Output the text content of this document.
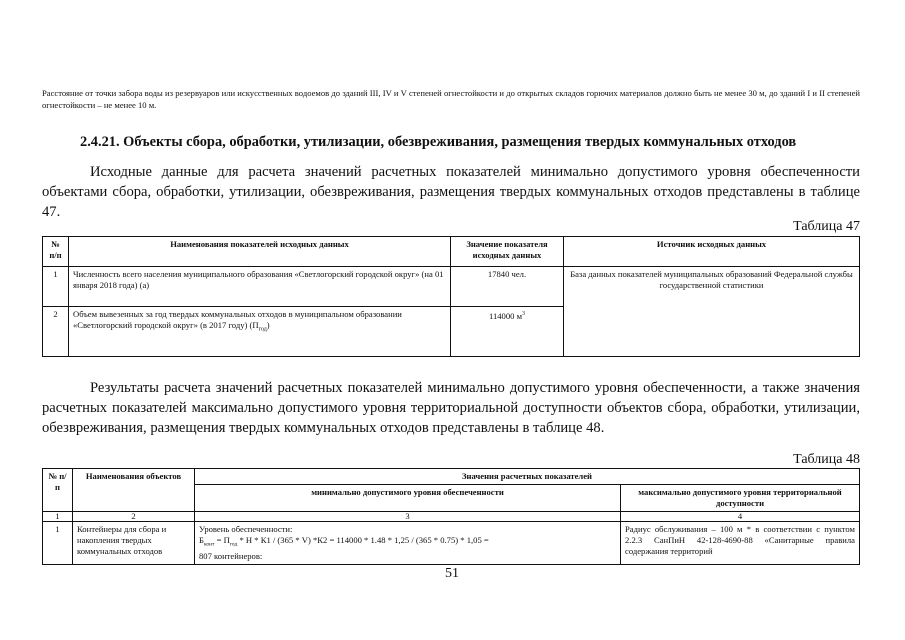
Расстояние от точки забора воды из резервуаров или искусственных водоемов до зданий III, IV и V степеней огнестойкости и до открытых складов горючих материалов должно быть не менее 30 м, до зданий I и II степеней огнестойкости – не менее 10 м.
2.4.21. Объекты сбора, обработки, утилизации, обезвреживания, размещения твердых коммунальных отходов

Исходные данные для расчета значений расчетных показателей минимально допустимого уровня обеспеченности объектами сбора, обработки, утилизации, обезвреживания, размещения твердых коммунальных отходов представлены в таблице 47.

Таблица 47
№ п/п	Наименования показателей исходных данных	Значение показателя исходных данных	Источник исходных данных
1	Численность всего населения муниципального образования «Светлогорский городской округ» (на 01 января 2018 года) (а)	17840 чел.	База данных показателей муниципальных образований Федеральной службы государственной статистики
2	Объем вывезенных за год твердых коммунальных отходов в муниципальном образовании «Светлогорский городской округ» (в 2017 году) $(П_{год})$	114000 $м^3$

Результаты расчета значений расчетных показателей минимально допустимого уровня обеспеченности, а также значения расчетных показателей максимально допустимого уровня территориальной доступности объектов сбора, обработки, утилизации, обезвреживания, размещения твердых коммунальных отходов представлены в таблице 48.

Таблица 48
№ п/п	Наименования объектов	Значения расчетных показателей	
		минимально допустимого уровня обеспеченности	максимально допустимого уровня территориальной доступности
1	2	3	4
1	Контейнеры для сбора и накопления твердых коммунальных отходов	Уровень обеспеченности:
$Б_{конт} = П_{год} * Н * К1 / (365 * V) *К2 = 114000 * 1.48 * 1,25 / (365 * 0.75) * 1,05$ =
807 контейнеров:	Радиус обслуживания – 100 м * в соответствии с пунктом 2.2.3 СанПиН 42-128-4690-88 «Санитарные правила содержания территорий
51
